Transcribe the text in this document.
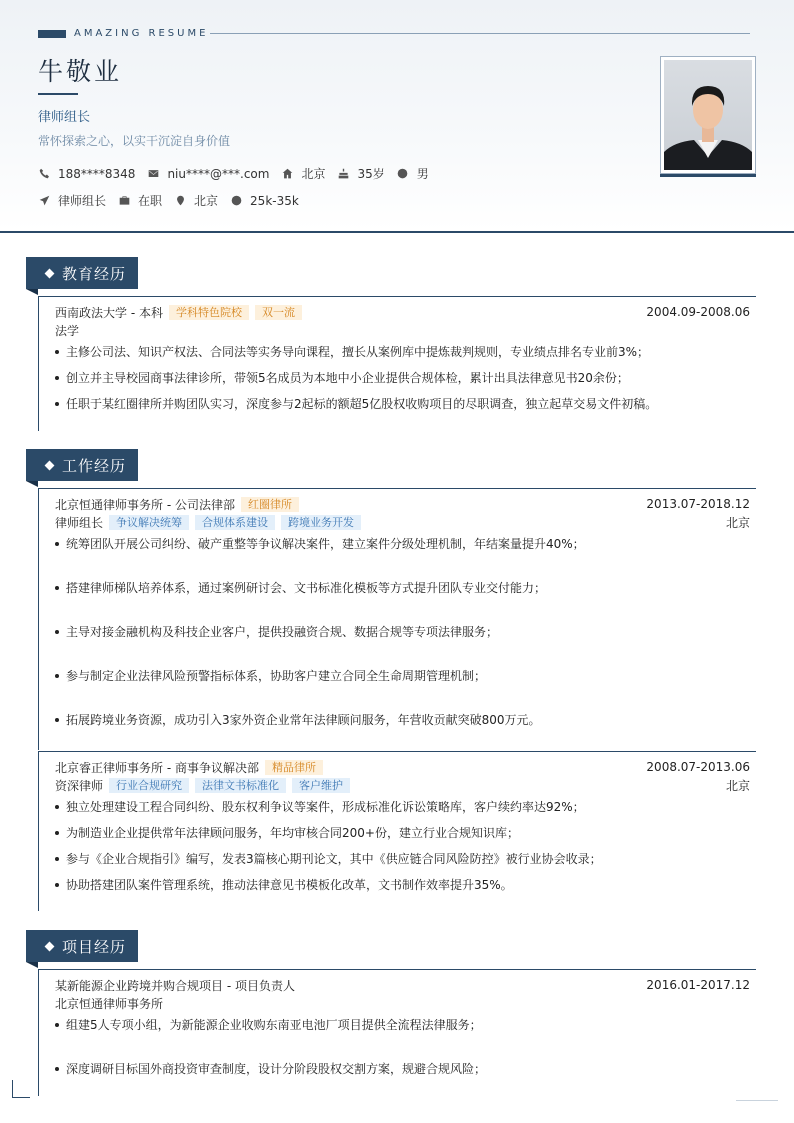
AMAZING RESUME
牛敬业
律师组长
常怀探索之心，以实干沉淀自身价值
188****8348	niu****@***.com	北京	35岁	男
律师组长	在职	北京	25k-35k
教育经历
西南政法大学 - 本科	学科特色院校	双一流	2004.09-2008.06
法学
主修公司法、知识产权法、合同法等实务导向课程，擅长从案例库中提炼裁判规则，专业绩点排名专业前3%；
创立并主导校园商事法律诊所，带领5名成员为本地中小企业提供合规体检，累计出具法律意见书20余份；
任职于某红圈律所并购团队实习，深度参与2起标的额超5亿股权收购项目的尽职调查，独立起草交易文件初稿。
工作经历
北京恒通律师事务所 - 公司法律部	红圈律所	2013.07-2018.12
律师组长	争议解决统筹	合规体系建设	跨境业务开发	北京
统筹团队开展公司纠纷、破产重整等争议解决案件，建立案件分级处理机制，年结案量提升40%；
搭建律师梯队培养体系，通过案例研讨会、文书标准化模板等方式提升团队专业交付能力；
主导对接金融机构及科技企业客户，提供投融资合规、数据合规等专项法律服务；
参与制定企业法律风险预警指标体系，协助客户建立合同全生命周期管理机制；
拓展跨境业务资源，成功引入3家外资企业常年法律顾问服务，年营收贡献突破800万元。
北京睿正律师事务所 - 商事争议解决部	精品律所	2008.07-2013.06
资深律师	行业合规研究	法律文书标准化	客户维护	北京
独立处理建设工程合同纠纷、股东权利争议等案件，形成标准化诉讼策略库，客户续约率达92%；
为制造业企业提供常年法律顾问服务，年均审核合同200+份，建立行业合规知识库；
参与《企业合规指引》编写，发表3篇核心期刊论文，其中《供应链合同风险防控》被行业协会收录；
协助搭建团队案件管理系统，推动法律意见书模板化改革，文书制作效率提升35%。
项目经历
某新能源企业跨境并购合规项目 - 项目负责人	2016.01-2017.12
北京恒通律师事务所
组建5人专项小组，为新能源企业收购东南亚电池厂项目提供全流程法律服务；
深度调研目标国外商投资审查制度，设计分阶段股权交割方案，规避合规风险；
